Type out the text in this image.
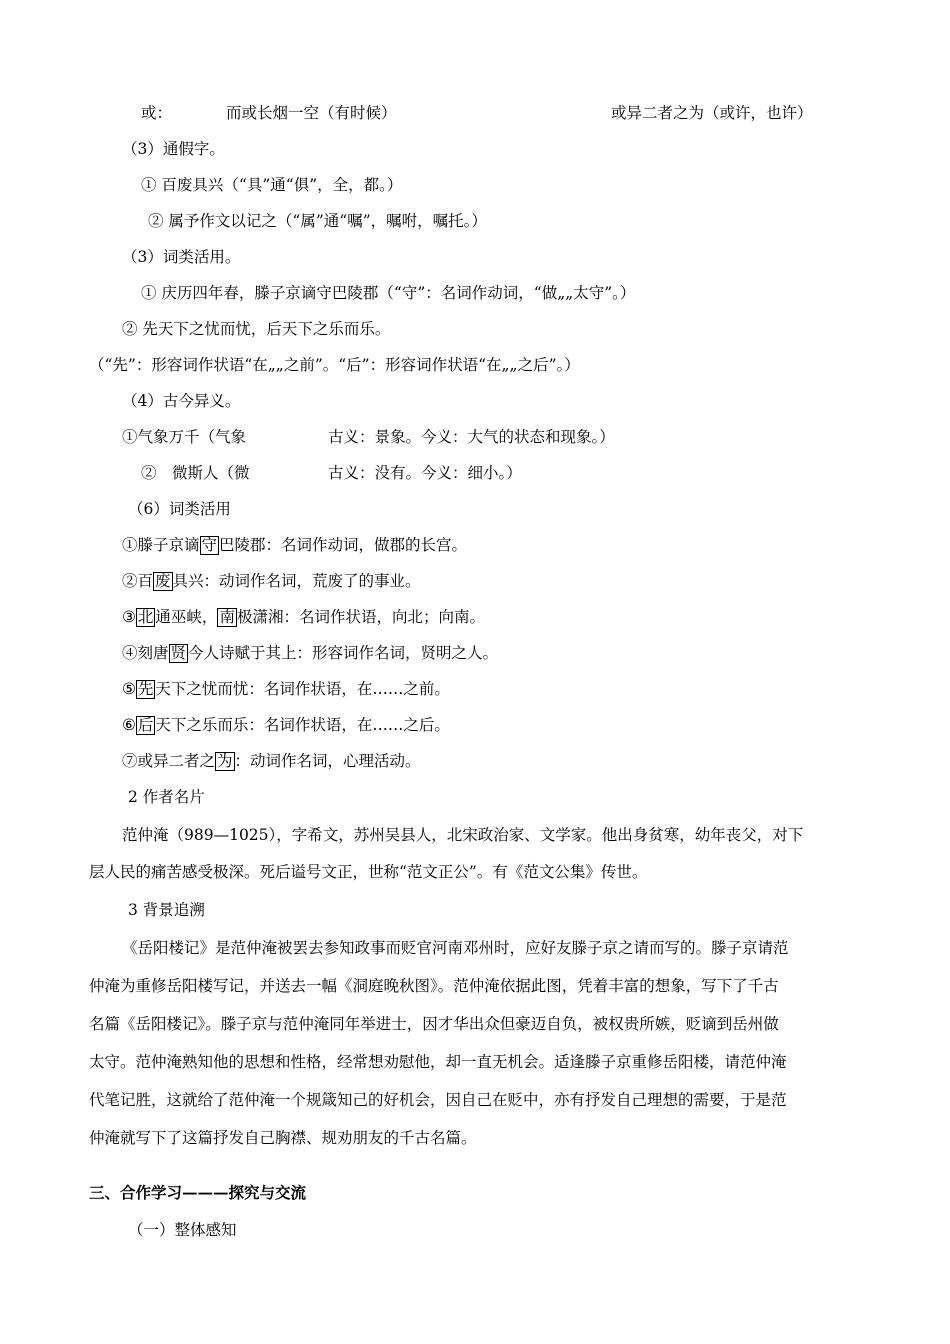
或：	而或长烟一空（有时候）	或异二者之为（或许，也许）
（3）通假字。
① 百废具兴（“具”通“俱”，全，都。）
② 属予作文以记之（“属”通“嘱”，嘱咐，嘱托。）
（3）词类活用。
① 庆历四年春，滕子京谪守巴陵郡（“守”：名词作动词，“做„„太守”。）
② 先天下之忧而忧，后天下之乐而乐。
（“先”：形容词作状语“在„„之前”。“后”：形容词作状语“在„„之后”。）
（4）古今异义。
①气象万千（气象	古义：景象。今义：大气的状态和现象。）
②　微斯人（微	古义：没有。今义：细小。）
（6）词类活用
①滕子京谪 守 巴陵郡：名词作动词，做郡的长宫。
②百 废 具兴：动词作名词，荒废了的事业。
③ 北 通巫峡， 南 极潇湘：名词作状语，向北；向南。
④刻唐 贤 今人诗赋于其上：形容词作名词，贤明之人。
⑤ 先 天下之忧而忧：名词作状语，在……之前。
⑥ 后 天下之乐而乐：名词作状语，在……之后。
⑦或异二者之 为 ：动词作名词，心理活动。
2 作者名片
范仲淹（989—1025），字希文，苏州吴县人，北宋政治家、文学家。他出身贫寒，幼年丧父，对下
层人民的痛苦感受极深。死后谥号文正，世称“范文正公”。有《范文公集》传世。
3 背景追溯
《岳阳楼记》是范仲淹被罢去参知政事而贬官河南邓州时，应好友滕子京之请而写的。滕子京请范
仲淹为重修岳阳楼写记，并送去一幅《洞庭晚秋图》。范仲淹依据此图，凭着丰富的想象，写下了千古
名篇《岳阳楼记》。滕子京与范仲淹同年举进士，因才华出众但豪迈自负，被权贵所嫉，贬谪到岳州做
太守。范仲淹熟知他的思想和性格，经常想劝慰他，却一直无机会。适逢滕子京重修岳阳楼，请范仲淹
代笔记胜，这就给了范仲淹一个规箴知己的好机会，因自己在贬中，亦有抒发自己理想的需要，于是范
仲淹就写下了这篇抒发自己胸襟、规劝朋友的千古名篇。
三、合作学习———探究与交流
（一）整体感知
